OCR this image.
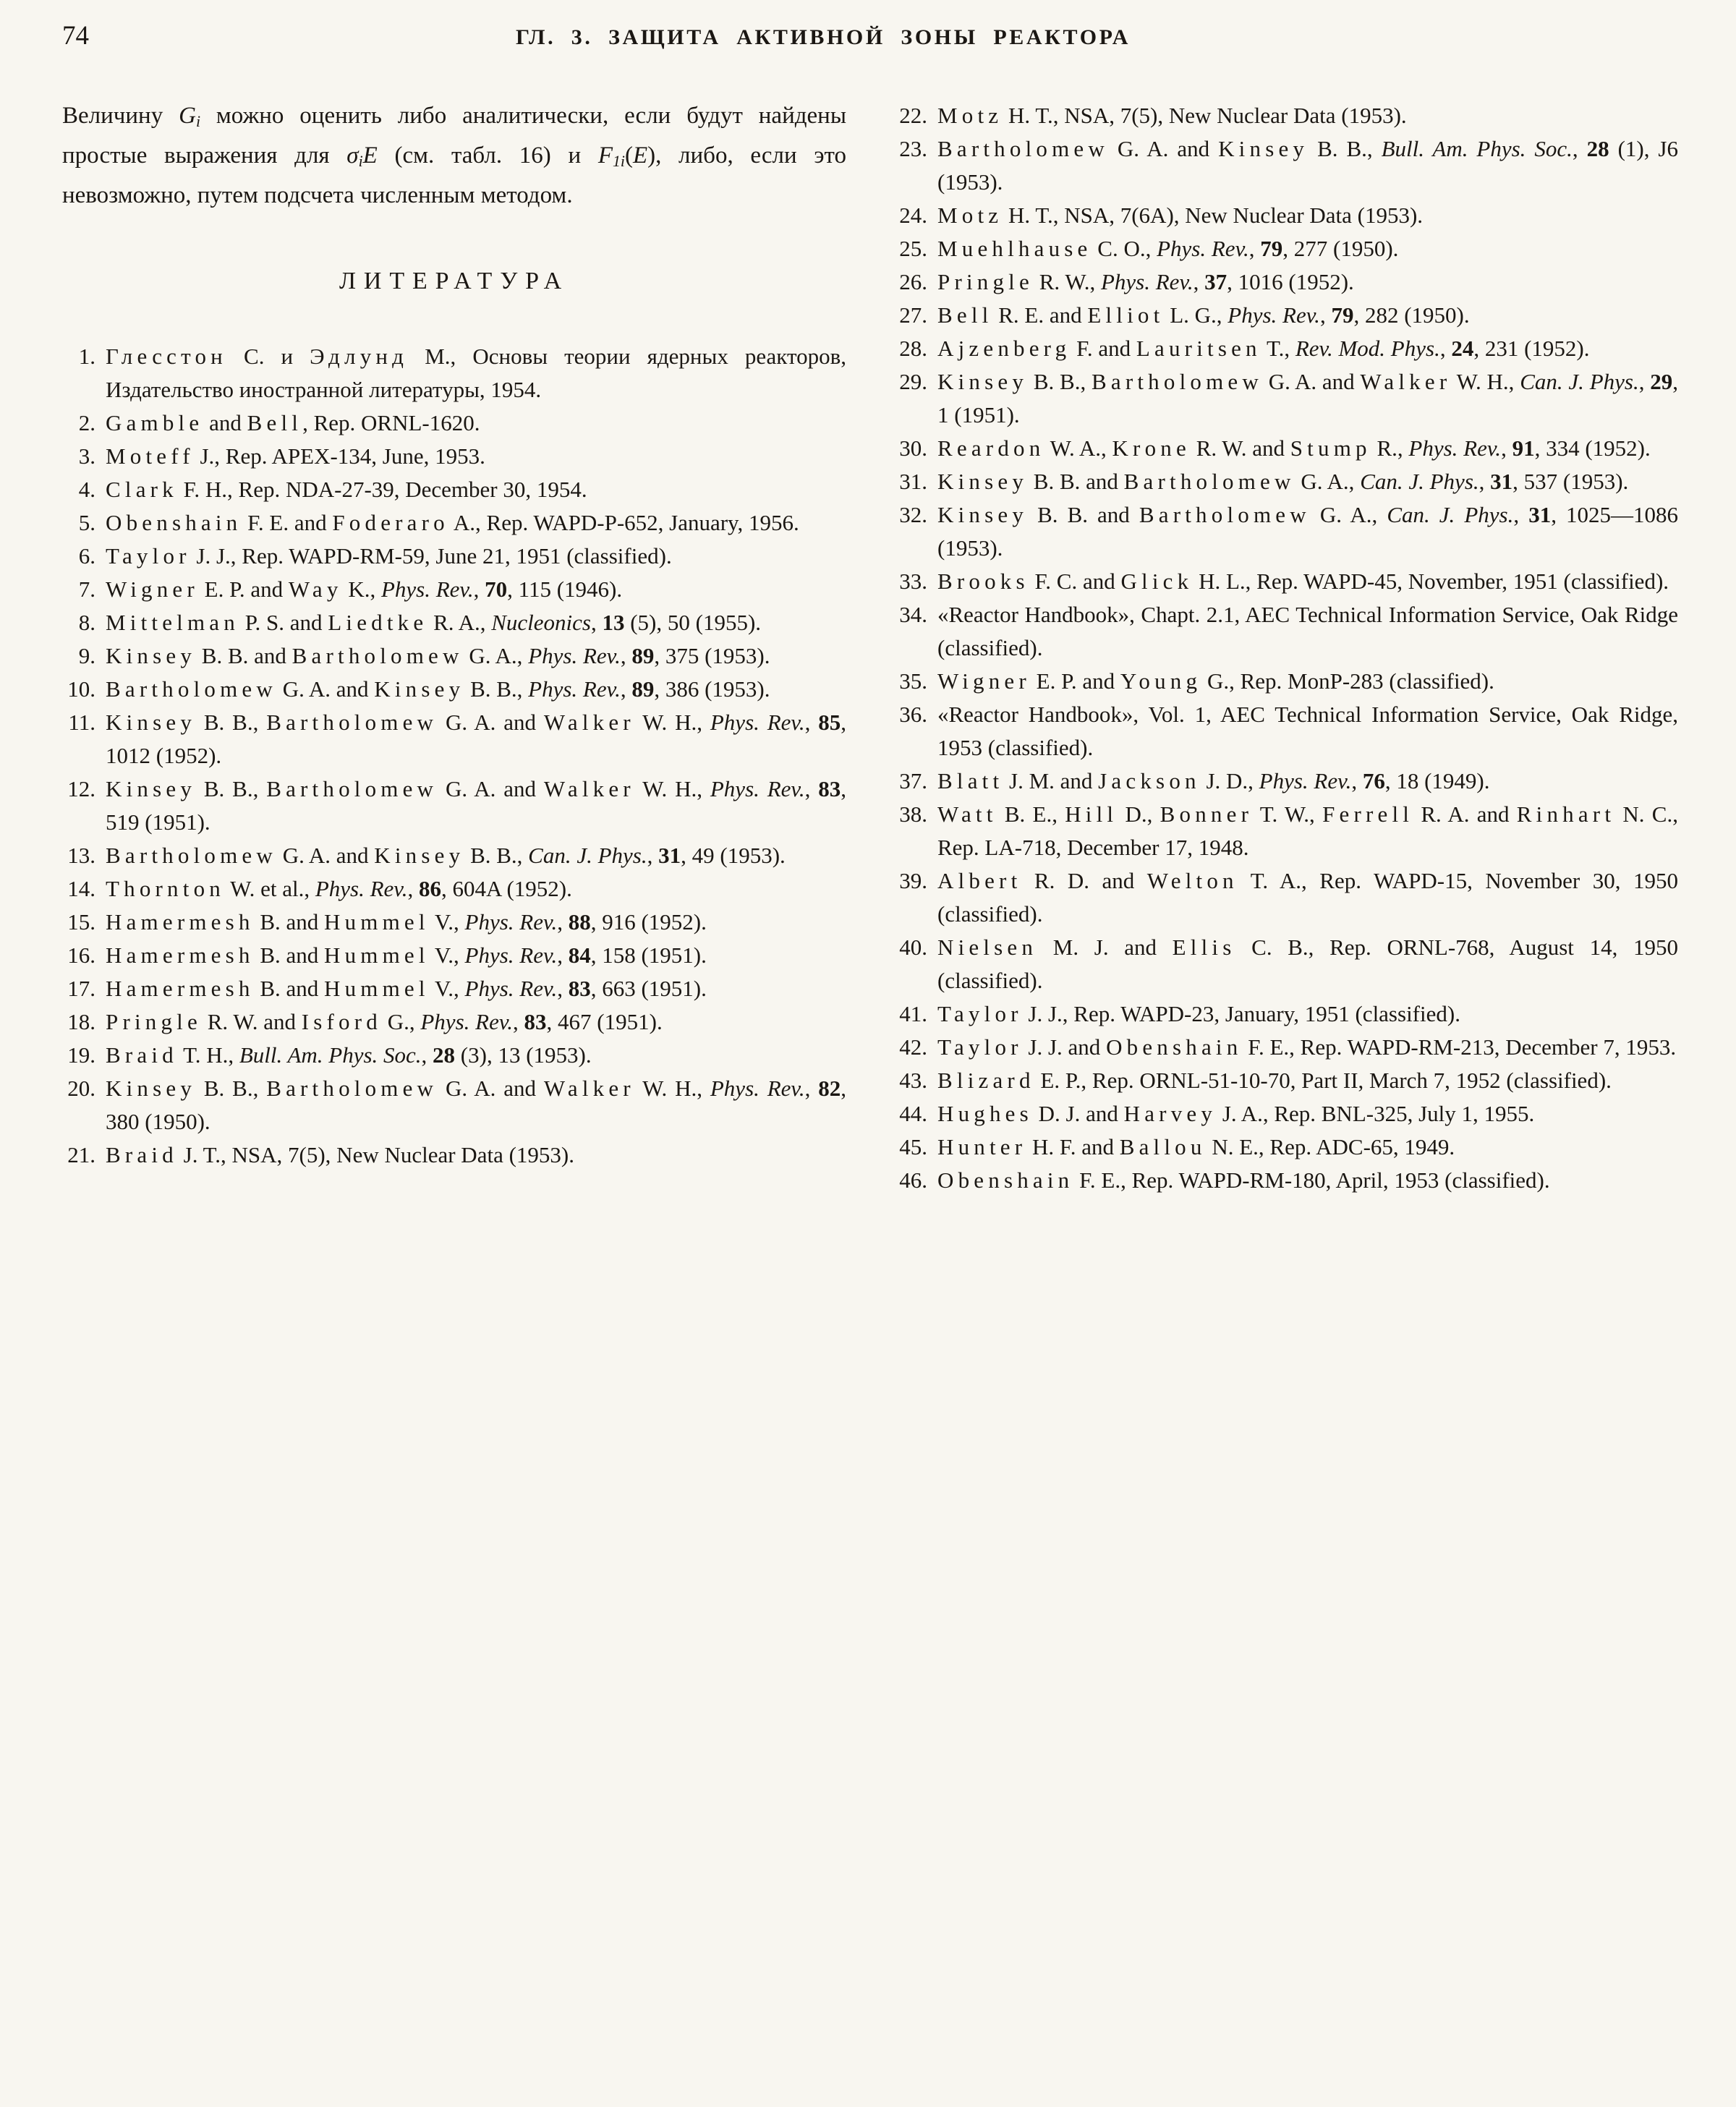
74	ГЛ. 3. ЗАЩИТА АКТИВНОЙ ЗОНЫ РЕАКТОРА

Величину Gi можно оценить либо аналитически, если будут найдены простые выражения для σiE (см. табл. 16) и F1i(E), либо, если это невозможно, путем подсчета численным методом.

ЛИТЕРАТУРА
1. Глесстон С. и Эдлунд М., Основы теории ядерных реакторов, Издательство иностранной литературы, 1954.
2. Gamble and Bell, Rep. ORNL-1620.
3. Moteff J., Rep. APEX-134, June, 1953.
4. Clark F. H., Rep. NDA-27-39, December 30, 1954.
5. Obenshain F. E. and Foderaro A., Rep. WAPD-P-652, January, 1956.
6. Taylor J. J., Rep. WAPD-RM-59, June 21, 1951 (classified).
7. Wigner E. P. and Way K., Phys. Rev., 70, 115 (1946).
8. Mittelman P. S. and Liedtke R. A., Nucleonics, 13 (5), 50 (1955).
9. Kinsey B. B. and Bartholomew G. A., Phys. Rev., 89, 375 (1953).
10. Bartholomew G. A. and Kinsey B. B., Phys. Rev., 89, 386 (1953).
11. Kinsey B. B., Bartholomew G. A. and Walker W. H., Phys. Rev., 85, 1012 (1952).
12. Kinsey B. B., Bartholomew G. A. and Walker W. H., Phys. Rev., 83, 519 (1951).
13. Bartholomew G. A. and Kinsey B. B., Can. J. Phys., 31, 49 (1953).
14. Thornton W. et al., Phys. Rev., 86, 604A (1952).
15. Hamermesh B. and Hummel V., Phys. Rev., 88, 916 (1952).
16. Hamermesh B. and Hummel V., Phys. Rev., 84, 158 (1951).
17. Hamermesh B. and Hummel V., Phys. Rev., 83, 663 (1951).
18. Pringle R. W. and Isford G., Phys. Rev., 83, 467 (1951).
19. Braid T. H., Bull. Am. Phys. Soc., 28 (3), 13 (1953).
20. Kinsey B. B., Bartholomew G. A. and Walker W. H., Phys. Rev., 82, 380 (1950).
21. Braid J. T., NSA, 7(5), New Nuclear Data (1953).
22. Motz H. T., NSA, 7(5), New Nuclear Data (1953).
23. Bartholomew G. A. and Kinsey B. B., Bull. Am. Phys. Soc., 28 (1), J6 (1953).
24. Motz H. T., NSA, 7(6A), New Nuclear Data (1953).
25. Muehlhause C. O., Phys. Rev., 79, 277 (1950).
26. Pringle R. W., Phys. Rev., 37, 1016 (1952).
27. Bell R. E. and Elliot L. G., Phys. Rev., 79, 282 (1950).
28. Ajzenberg F. and Lauritsen T., Rev. Mod. Phys., 24, 231 (1952).
29. Kinsey B. B., Bartholomew G. A. and Walker W. H., Can. J. Phys., 29, 1 (1951).
30. Reardon W. A., Krone R. W. and Stump R., Phys. Rev., 91, 334 (1952).
31. Kinsey B. B. and Bartholomew G. A., Can. J. Phys., 31, 537 (1953).
32. Kinsey B. B. and Bartholomew G. A., Can. J. Phys., 31, 1025—1086 (1953).
33. Brooks F. C. and Glick H. L., Rep. WAPD-45, November, 1951 (classified).
34. «Reactor Handbook», Chapt. 2.1, AEC Technical Information Service, Oak Ridge (classified).
35. Wigner E. P. and Young G., Rep. MonP-283 (classified).
36. «Reactor Handbook», Vol. 1, AEC Technical Information Service, Oak Ridge, 1953 (classified).
37. Blatt J. M. and Jackson J. D., Phys. Rev., 76, 18 (1949).
38. Watt B. E., Hill D., Bonner T. W., Ferrell R. A. and Rinhart N. C., Rep. LA-718, December 17, 1948.
39. Albert R. D. and Welton T. A., Rep. WAPD-15, November 30, 1950 (classified).
40. Nielsen M. J. and Ellis C. B., Rep. ORNL-768, August 14, 1950 (classified).
41. Taylor J. J., Rep. WAPD-23, January, 1951 (classified).
42. Taylor J. J. and Obenshain F. E., Rep. WAPD-RM-213, December 7, 1953.
43. Blizard E. P., Rep. ORNL-51-10-70, Part II, March 7, 1952 (classified).
44. Hughes D. J. and Harvey J. A., Rep. BNL-325, July 1, 1955.
45. Hunter H. F. and Ballou N. E., Rep. ADC-65, 1949.
46. Obenshain F. E., Rep. WAPD-RM-180, April, 1953 (classified).
